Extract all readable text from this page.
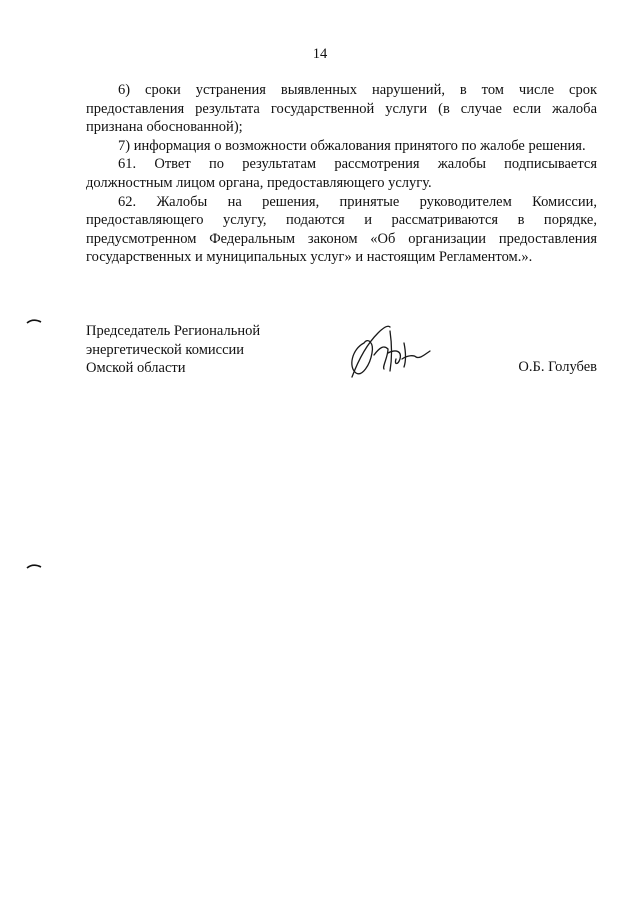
14

6) сроки устранения выявленных нарушений, в том числе срок предоставления результата государственной услуги (в случае если жалоба признана обоснованной);

7) информация о возможности обжалования принятого по жалобе решения.

61. Ответ по результатам рассмотрения жалобы подписывается должностным лицом органа, предоставляющего услугу.

62. Жалобы на решения, принятые руководителем Комиссии, предоставляющего услугу, подаются и рассматриваются в порядке, предусмотренном Федеральным законом «Об организации предоставления государственных и муниципальных услуг» и настоящим Регламентом.».

Председатель Региональной
энергетической комиссии
Омской области	О.Б. Голубев
